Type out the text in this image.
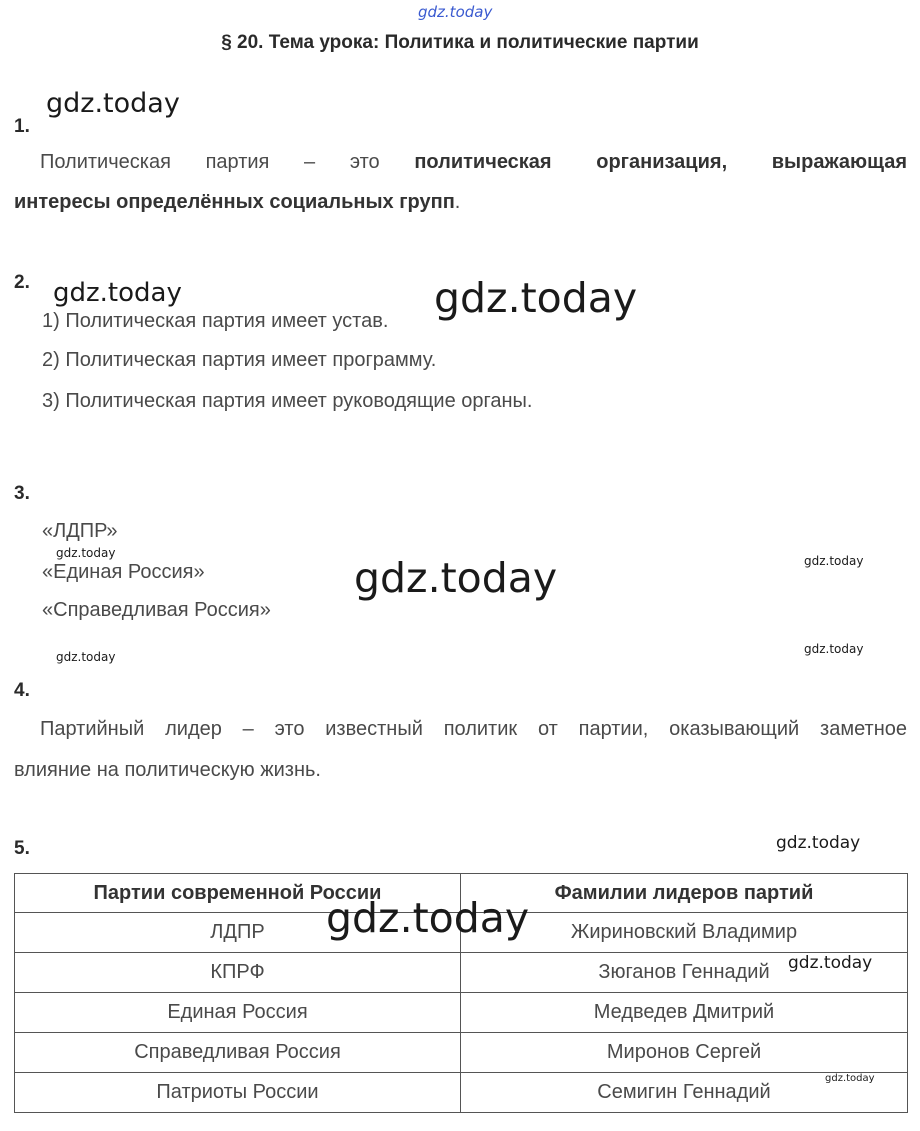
gdz.today
gdz.today
gdz.today	gdz.today
gdz.today
gdz.today
gdz.today
gdz.today
gdz.today
gdz.today
§ 20. Тема урока: Политика и политические партии
1.
Политическая партия – это политическая организация, выражающая
интересы определённых социальных групп.
2.
1) Политическая партия имеет устав.
2) Политическая партия имеет программу.
3) Политическая партия имеет руководящие органы.
3.
«ЛДПР»
«Единая Россия»
«Справедливая Россия»
4.
Партийный лидер – это известный политик от партии, оказывающий заметное
влияние на политическую жизнь.
5.
Партии современной России	Фамилии лидеров партий
ЛДПР	Жириновский Владимир
КПРФ	Зюганов Геннадий
Единая Россия	Медведев Дмитрий
Справедливая Россия	Миронов Сергей
Патриоты России	Семигин Геннадий
gdz.today
gdz.today
gdz.today
